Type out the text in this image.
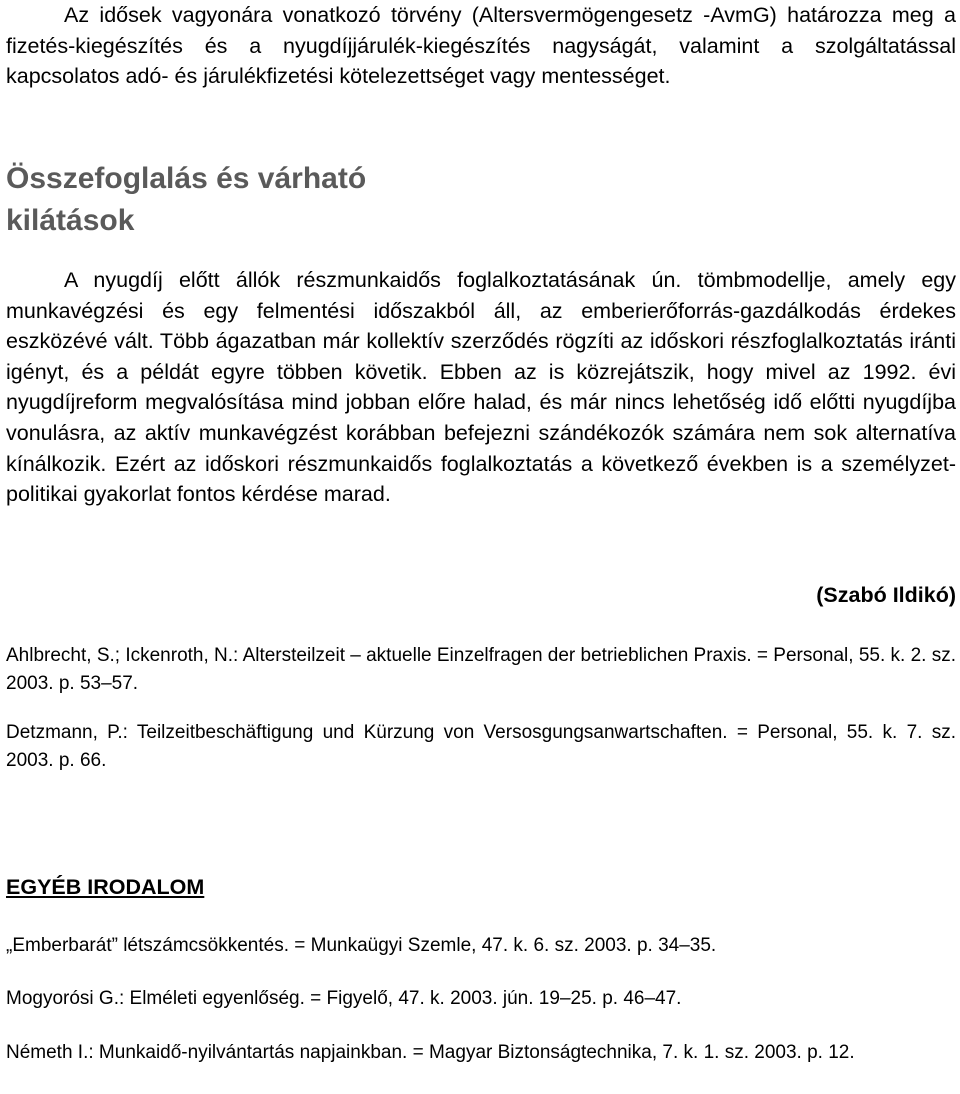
Az idősek vagyonára vonatkozó törvény (Altersvermögengesetz -AvmG) határozza meg a fizetés-kiegészítés és a nyugdíjjárulék-kiegészítés nagyságát, valamint a szolgáltatással kapcsolatos adó- és járulékfizetési kötelezettséget vagy mentességet.

Összefoglalás és várható
kilátások

A nyugdíj előtt állók részmunkaidős foglalkoztatásának ún. tömbmodellje, amely egy munkavégzési és egy felmentési időszakból áll, az emberierőforrás-gazdálkodás érdekes eszközévé vált. Több ágazatban már kollektív szerződés rögzíti az időskori részfoglalkoztatás iránti igényt, és a példát egyre többen követik. Ebben az is közrejátszik, hogy mivel az 1992. évi nyugdíjreform megvalósítása mind jobban előre halad, és már nincs lehetőség idő előtti nyugdíjba vonulásra, az aktív munkavégzést korábban befejezni szándékozók számára nem sok alternatíva kínálkozik. Ezért az időskori részmunkaidős foglalkoztatás a következő években is a személyzet-politikai gyakorlat fontos kérdése marad.

(Szabó Ildikó)

Ahlbrecht, S.; Ickenroth, N.: Altersteilzeit – aktuelle Einzelfragen der betrieblichen Praxis. = Personal, 55. k. 2. sz. 2003. p. 53–57.

Detzmann, P.: Teilzeitbeschäftigung und Kürzung von Versosgungsanwartschaften. = Personal, 55. k. 7. sz. 2003. p. 66.

EGYÉB IRODALOM

„Emberbarát” létszámcsökkentés. = Munkaügyi Szemle, 47. k. 6. sz. 2003. p. 34–35.

Mogyorósi G.: Elméleti egyenlőség. = Figyelő, 47. k. 2003. jún. 19–25. p. 46–47.

Németh I.: Munkaidő-nyilvántartás napjainkban. = Magyar Biztonságtechnika, 7. k. 1. sz. 2003. p. 12.
